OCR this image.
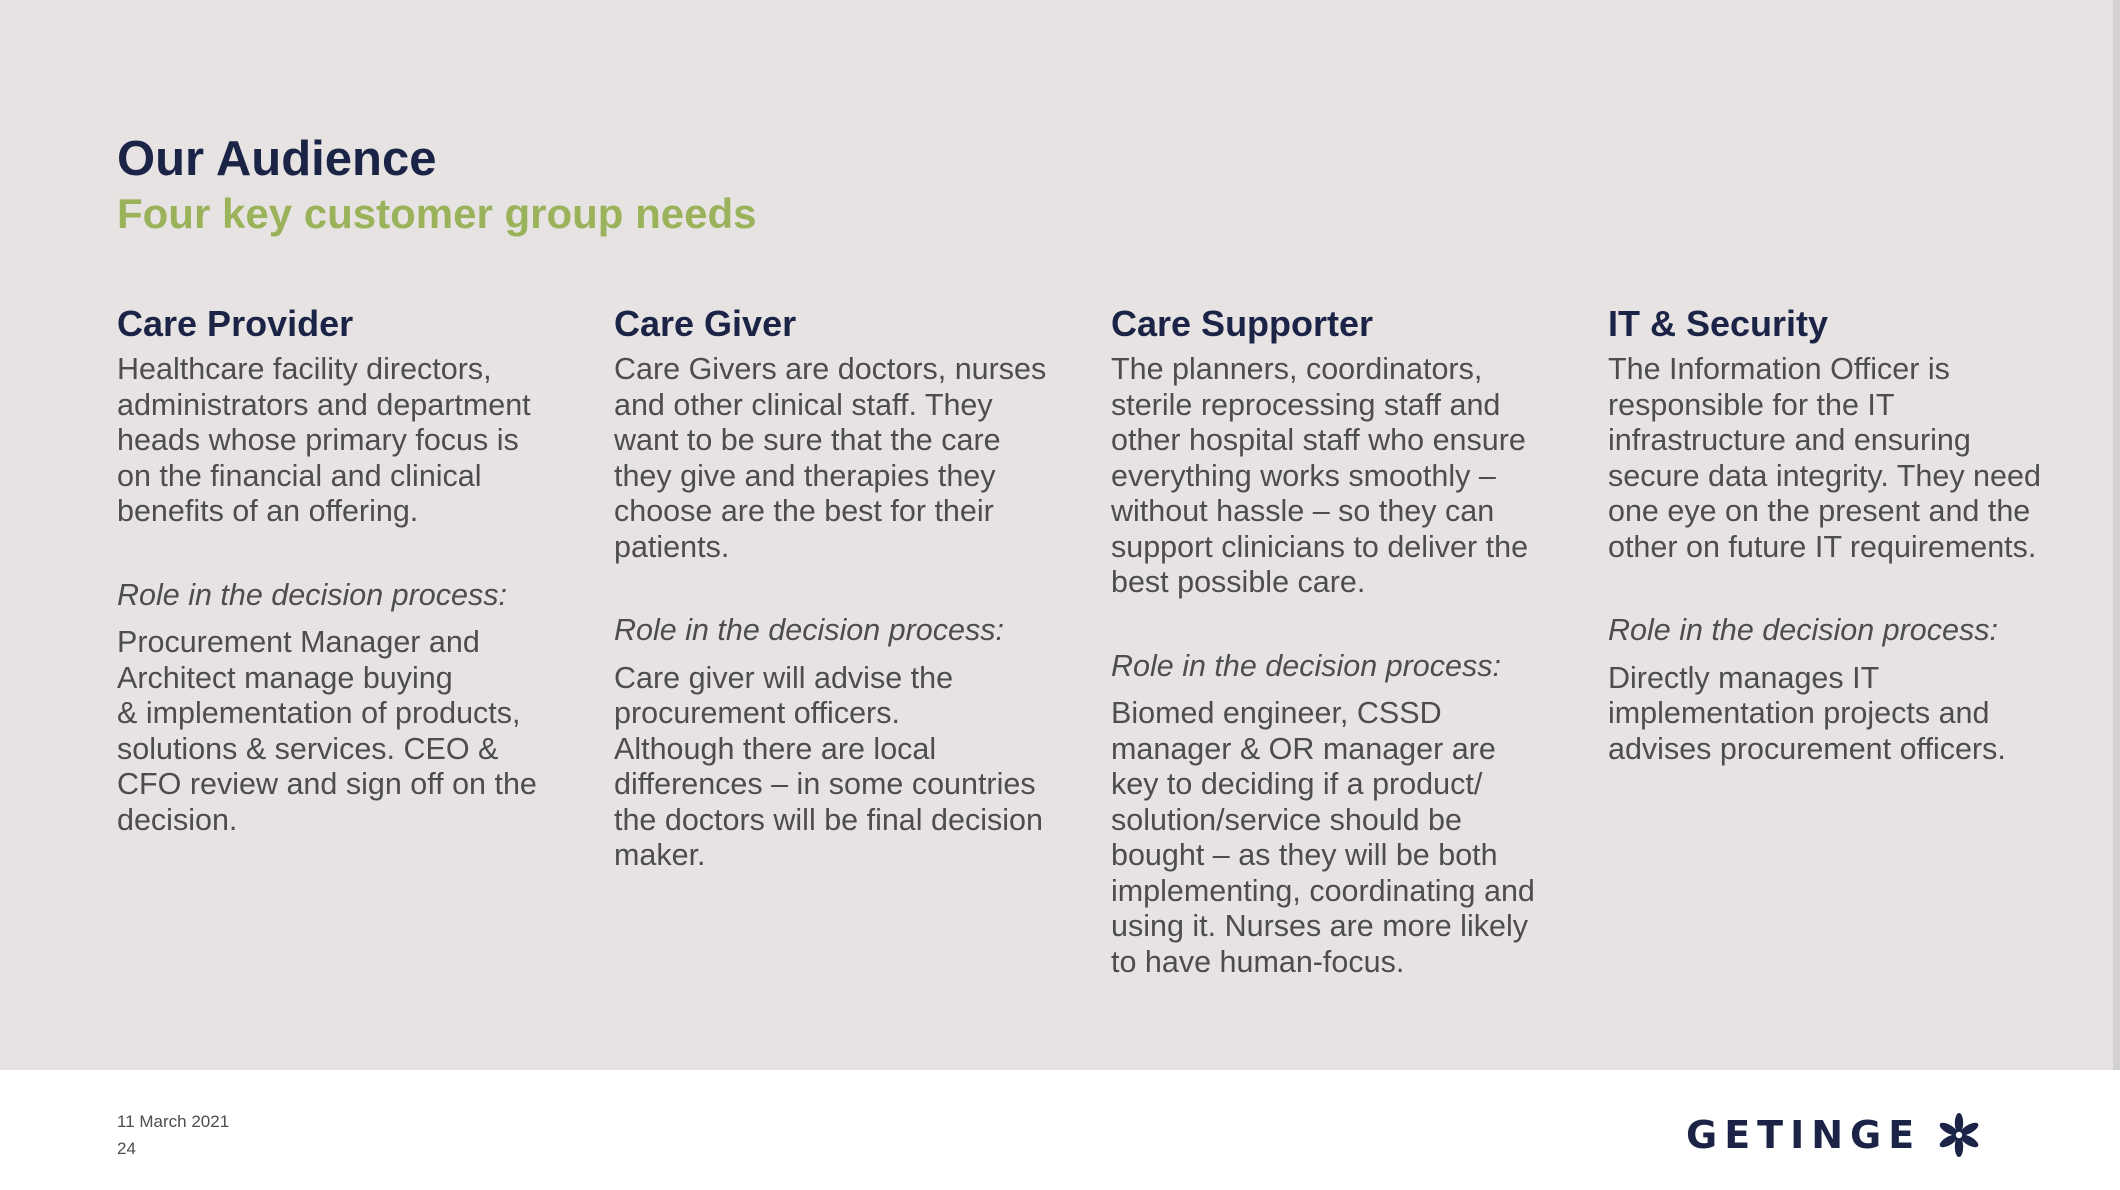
Our Audience
Four key customer group needs
Care Provider

Healthcare facility directors,
administrators and department
heads whose primary focus is
on the financial and clinical
benefits of an offering.

Role in the decision process:

Procurement Manager and
Architect manage buying
& implementation of products,
solutions & services. CEO &
CFO review and sign off on the
decision.

Care Giver

Care Givers are doctors, nurses
and other clinical staff. They
want to be sure that the care
they give and therapies they
choose are the best for their
patients.

Role in the decision process:

Care giver will advise the
procurement officers.
Although there are local
differences – in some countries
the doctors will be final decision
maker.

Care Supporter

The planners, coordinators,
sterile reprocessing staff and
other hospital staff who ensure
everything works smoothly –
without hassle – so they can
support clinicians to deliver the
best possible care.

Role in the decision process:

Biomed engineer, CSSD
manager & OR manager are
key to deciding if a product/
solution/service should be
bought – as they will be both
implementing, coordinating and
using it. Nurses are more likely
to have human-focus.

IT & Security

The Information Officer is
responsible for the IT
infrastructure and ensuring
secure data integrity. They need
one eye on the present and the
other on future IT requirements.

Role in the decision process:

Directly manages IT
implementation projects and
advises procurement officers.

11 March 2021
24	GETINGE
